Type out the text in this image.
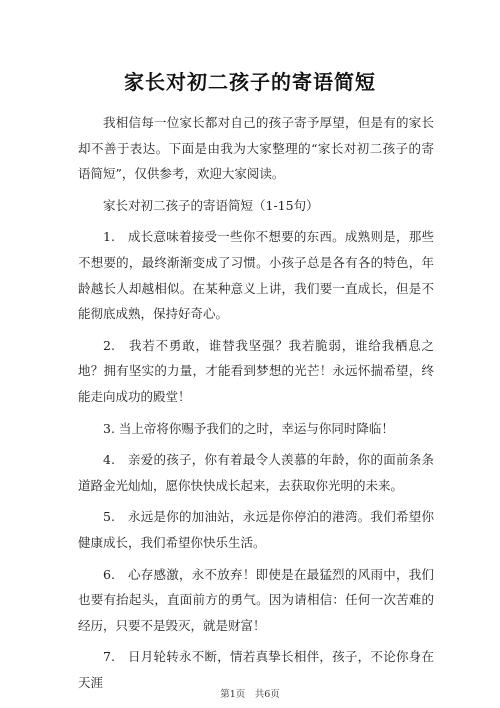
家长对初二孩子的寄语简短

我相信每一位家长都对自己的孩子寄予厚望，但是有的家长却不善于表达。下面是由我为大家整理的“家长对初二孩子的寄语简短”，仅供参考，欢迎大家阅读。

家长对初二孩子的寄语简短（1-15句）

1.　成长意味着接受一些你不想要的东西。成熟则是，那些不想要的，最终渐渐变成了习惯。小孩子总是各有各的特色，年龄越长人却越相似。在某种意义上讲，我们要一直成长，但是不能彻底成熟，保持好奇心。

2.　我若不勇敢，谁替我坚强？我若脆弱，谁给我栖息之地？拥有坚实的力量，才能看到梦想的光芒！永远怀揣希望，终能走向成功的殿堂！

3. 当上帝将你赐予我们的之时，幸运与你同时降临！

4.　亲爱的孩子，你有着最令人羡慕的年龄，你的面前条条道路金光灿灿，愿你快快成长起来，去获取你光明的未来。

5.　永远是你的加油站，永远是你停泊的港湾。我们希望你健康成长，我们希望你快乐生活。

6.　心存感激，永不放弃！即使是在最猛烈的风雨中，我们也要有抬起头，直面前方的勇气。因为请相信：任何一次苦难的经历，只要不是毁灭，就是财富！

7.　日月轮转永不断，情若真挚长相伴，孩子，不论你身在天涯

第1页　共6页
